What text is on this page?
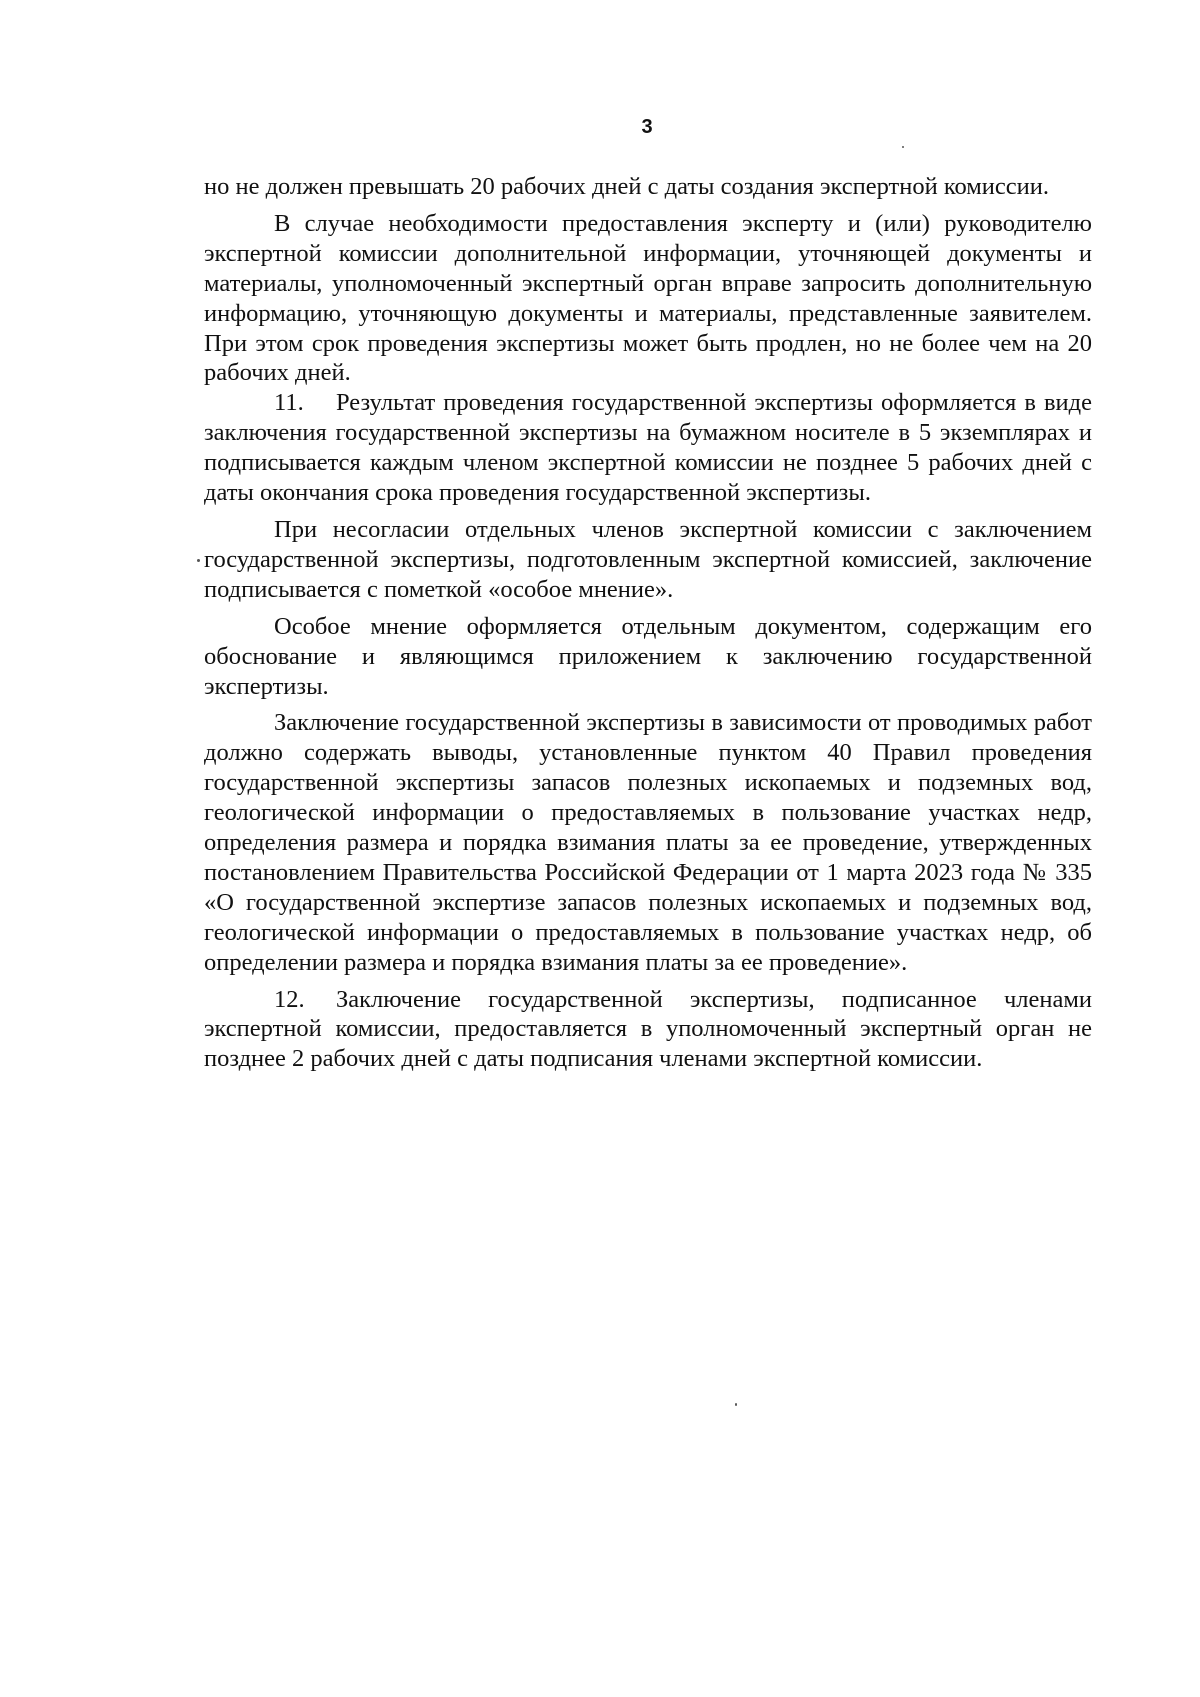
3

но не должен превышать 20 рабочих дней с даты создания экспертной комиссии.

В случае необходимости предоставления эксперту и (или) руководителю экспертной комиссии дополнительной информации, уточняющей документы и материалы, уполномоченный экспертный орган вправе запросить дополнительную информацию, уточняющую документы и материалы, представленные заявителем. При этом срок проведения экспертизы может быть продлен, но не более чем на 20 рабочих дней.

11. Результат проведения государственной экспертизы оформляется в виде заключения государственной экспертизы на бумажном носителе в 5 экземплярах и подписывается каждым членом экспертной комиссии не позднее 5 рабочих дней с даты окончания срока проведения государственной экспертизы.

При несогласии отдельных членов экспертной комиссии с заключением государственной экспертизы, подготовленным экспертной комиссией, заключение подписывается с пометкой «особое мнение».

Особое мнение оформляется отдельным документом, содержащим его обоснование и являющимся приложением к заключению государственной экспертизы.

Заключение государственной экспертизы в зависимости от проводимых работ должно содержать выводы, установленные пунктом 40 Правил проведения государственной экспертизы запасов полезных ископаемых и подземных вод, геологической информации о предоставляемых в пользование участках недр, определения размера и порядка взимания платы за ее проведение, утвержденных постановлением Правительства Российской Федерации от 1 марта 2023 года № 335 «О государственной экспертизе запасов полезных ископаемых и подземных вод, геологической информации о предоставляемых в пользование участках недр, об определении размера и порядка взимания платы за ее проведение».

12. Заключение государственной экспертизы, подписанное членами экспертной комиссии, предоставляется в уполномоченный экспертный орган не позднее 2 рабочих дней с даты подписания членами экспертной комиссии.
